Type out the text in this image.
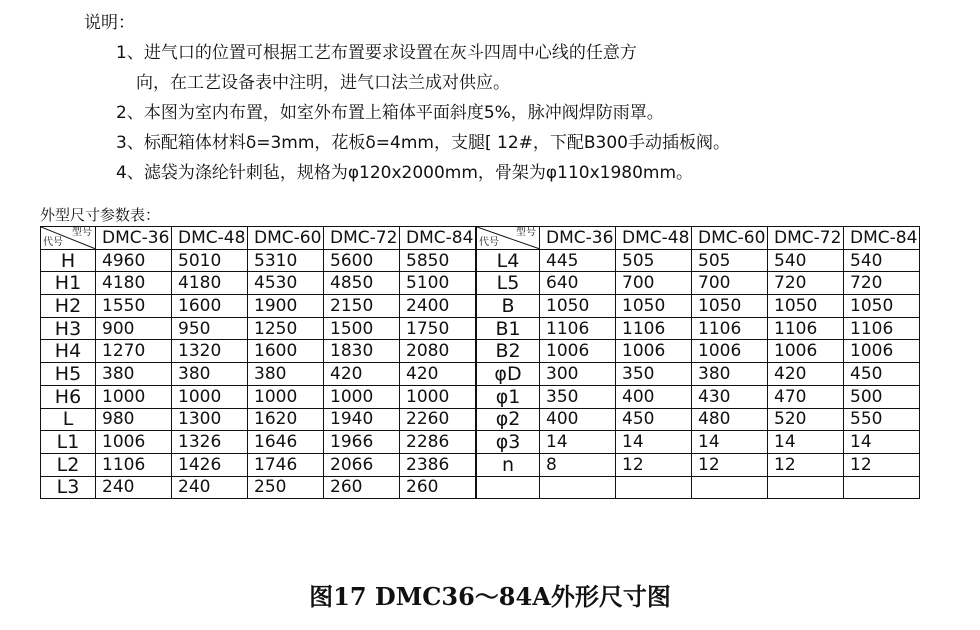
说明：
1、进气口的位置可根据工艺布置要求设置在灰斗四周中心线的任意方
向，在工艺设备表中注明，进气口法兰成对供应。
2、本图为室内布置，如室外布置上箱体平面斜度5%，脉冲阀焊防雨罩。
3、标配箱体材料δ=3mm，花板δ=4mm，支腿[ 12#，下配B300手动插板阀。
4、滤袋为涤纶针刺毡，规格为φ120x2000mm，骨架为φ110x1980mm。
外型尺寸参数表：
型号
代号	DMC-36	DMC-48	DMC-60	DMC-72	DMC-84
H	4960	5010	5310	5600	5850
H1	4180	4180	4530	4850	5100
H2	1550	1600	1900	2150	2400
H3	900	950	1250	1500	1750
H4	1270	1320	1600	1830	2080
H5	380	380	380	420	420
H6	1000	1000	1000	1000	1000
L	980	1300	1620	1940	2260
L1	1006	1326	1646	1966	2286
L2	1106	1426	1746	2066	2386
L3	240	240	250	260	260
型号
代号	DMC-36	DMC-48	DMC-60	DMC-72	DMC-84
L4	445	505	505	540	540
L5	640	700	700	720	720
B	1050	1050	1050	1050	1050
B1	1106	1106	1106	1106	1106
B2	1006	1006	1006	1006	1006
φD	300	350	380	420	450
φ1	350	400	430	470	500
φ2	400	450	480	520	550
φ3	14	14	14	14	14
n	8	12	12	12	12

图17 DMC36～84A外形尺寸图
